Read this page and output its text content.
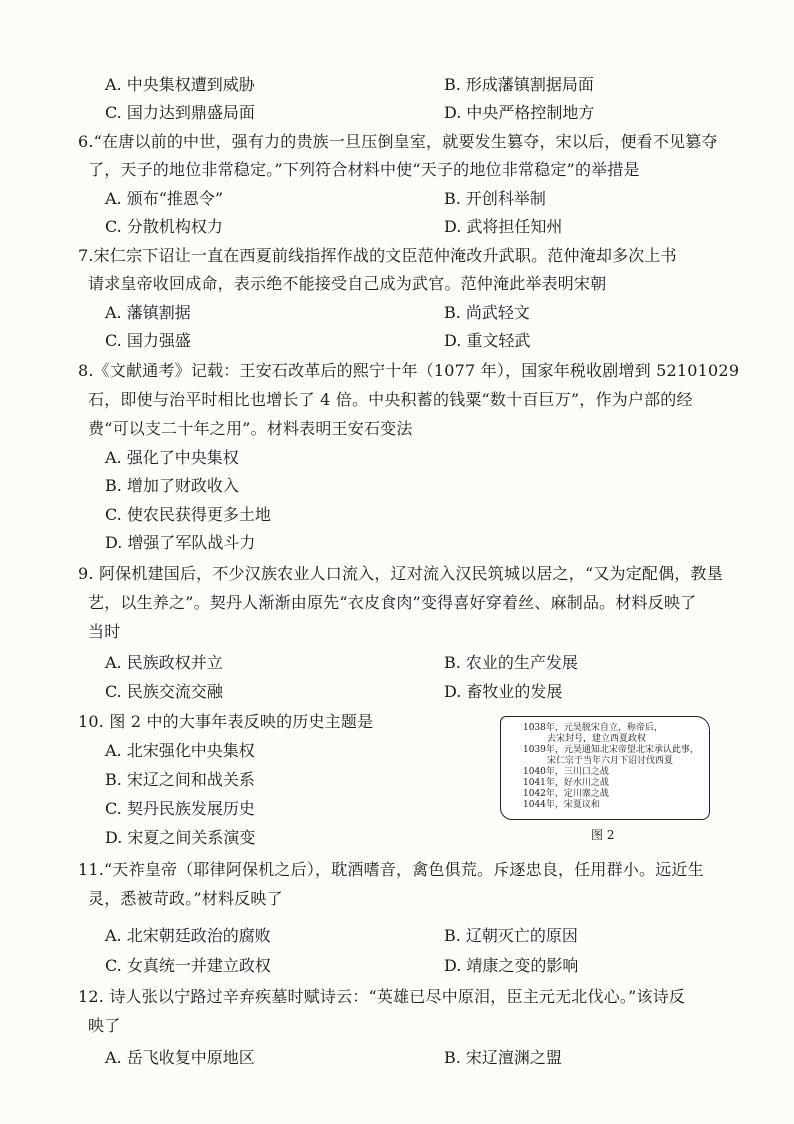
A. 中央集权遭到威胁	B. 形成藩镇割据局面
C. 国力达到鼎盛局面	D. 中央严格控制地方
6.“在唐以前的中世，强有力的贵族一旦压倒皇室，就要发生篡夺，宋以后，便看不见篡夺
了，天子的地位非常稳定。”下列符合材料中使“天子的地位非常稳定”的举措是
A. 颁布“推恩令”	B. 开创科举制
C. 分散机构权力	D. 武将担任知州
7.宋仁宗下诏让一直在西夏前线指挥作战的文臣范仲淹改升武职。范仲淹却多次上书
请求皇帝收回成命，表示绝不能接受自己成为武官。范仲淹此举表明宋朝
A. 藩镇割据	B. 尚武轻文
C. 国力强盛	D. 重文轻武
8.《文献通考》记载：王安石改革后的熙宁十年（1077 年），国家年税收剧增到 52101029
石，即使与治平时相比也增长了 4 倍。中央积蓄的钱粟“数十百巨万”，作为户部的经
费“可以支二十年之用”。材料表明王安石变法
A. 强化了中央集权
B. 增加了财政收入
C. 使农民获得更多土地
D. 增强了军队战斗力
9. 阿保机建国后，不少汉族农业人口流入，辽对流入汉民筑城以居之，“又为定配偶，教垦
艺，以生养之”。契丹人渐渐由原先“衣皮食肉”变得喜好穿着丝、麻制品。材料反映了
当时
A. 民族政权并立	B. 农业的生产发展
C. 民族交流交融	D. 畜牧业的发展
10. 图 2 中的大事年表反映的历史主题是
A. 北宋强化中央集权
B. 宋辽之间和战关系
C. 契丹民族发展历史
D. 宋夏之间关系演变
1038年，元昊脱宋自立，称帝后，
去宋封号，建立西夏政权
1039年，元昊通知北宋帝望北宋承认此事，
宋仁宗于当年六月下诏讨伐西夏
1040年，三川口之战
1041年，好水川之战
1042年，定川寨之战
1044年，宋夏议和
图 2
11.“天祚皇帝（耶律阿保机之后），耽酒嗜音，禽色俱荒。斥逐忠良，任用群小。远近生
灵，悉被苛政。”材料反映了
A. 北宋朝廷政治的腐败	B. 辽朝灭亡的原因
C. 女真统一并建立政权	D. 靖康之变的影响
12. 诗人张以宁路过辛弃疾墓时赋诗云：“英雄已尽中原泪，臣主元无北伐心。”该诗反
映了
A. 岳飞收复中原地区	B. 宋辽澶渊之盟
